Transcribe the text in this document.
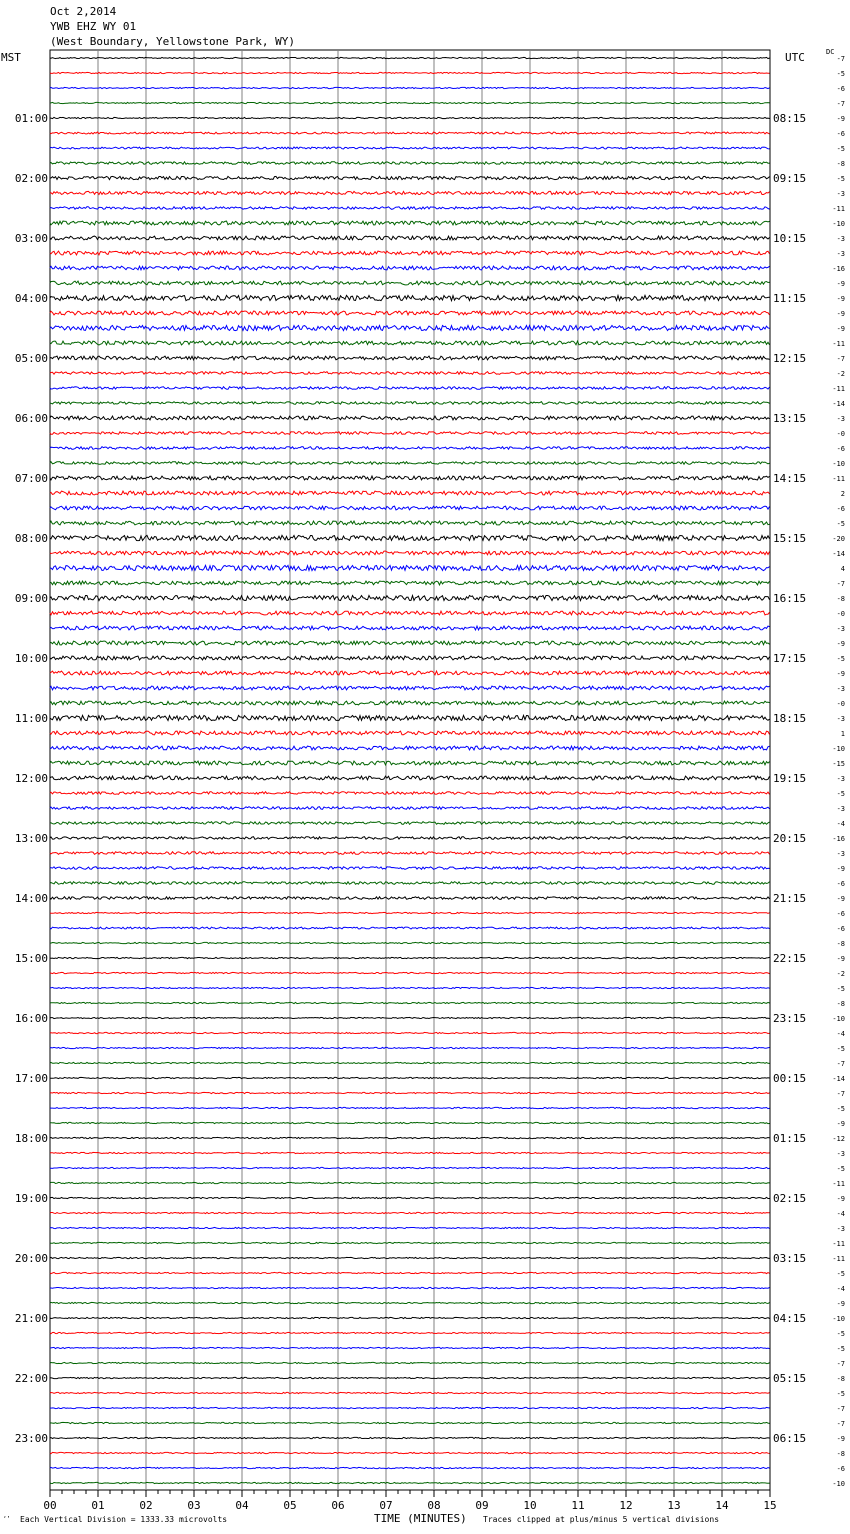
Oct 2,2014
YWB EHZ WY 01
(West Boundary, Yellowstone Park, WY)
MST	UTC	DC
00	01	02	03	04	05	06	07	08	09	10	11	12	13	14	15
-7
-5
-6
-7
-9
-6
-5
-8
-5
-3
-11
-10
-3
-3
-16
-9
-9
-9
-9
-11
-7
-2
-11
-14
-3
-0
-6
-10
-11
2
-6
-5
-20
-14
4
-7
-8
-0
-3
-9
-5
-9
-3
-0
-3
1
-10
-15
-3
-5
-3
-4
-16
-3
-9
-6
-9
-6
-6
-8
-9
-2
-5
-8
-10
-4
-5
-7
-14
-7
-5
-9
-12
-3
-5
-11
-9
-4
-3
-11
-11
-5
-4
-9
-10
-5
-5
-7
-8
-5
-7
-7
-9
-8
-6
-10
01:00	08:15
02:00	09:15
03:00	10:15
04:00	11:15
05:00	12:15
06:00	13:15
07:00	14:15
08:00	15:15
09:00	16:15
10:00	17:15
11:00	18:15
12:00	19:15
13:00	20:15
14:00	21:15
15:00	22:15
16:00	23:15
17:00	00:15
18:00	01:15
19:00	02:15
20:00	03:15
21:00	04:15
22:00	05:15
23:00	06:15
‘’ Each Vertical Division = 1333.33 microvolts	TIME (MINUTES) Traces clipped at plus/minus 5 vertical divisions
